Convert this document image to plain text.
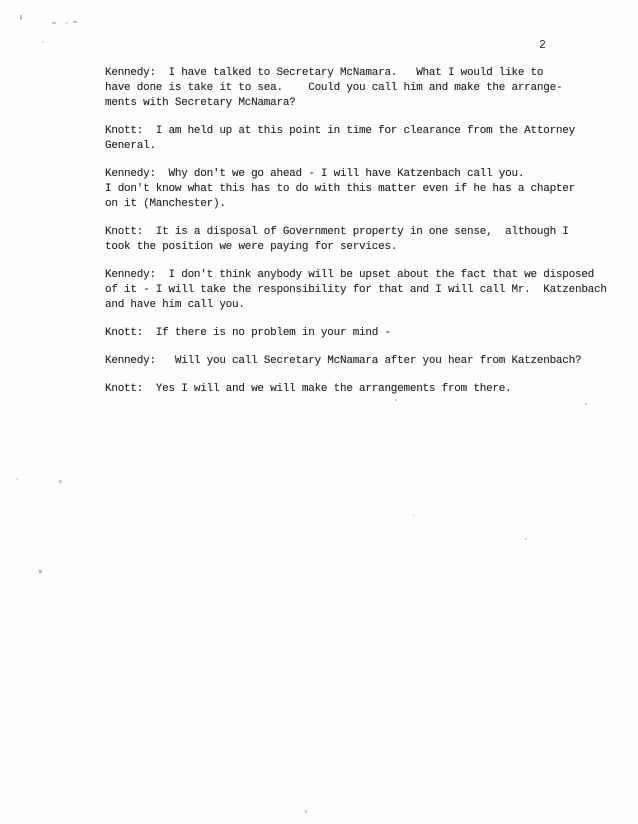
2
Kennedy:  I have talked to Secretary McNamara.   What I would like to
have done is take it to sea.    Could you call him and make the arrange-
ments with Secretary McNamara?
Knott:  I am held up at this point in time for clearance from the Attorney
General.
Kennedy:  Why don't we go ahead - I will have Katzenbach call you.
I don't know what this has to do with this matter even if he has a chapter
on it (Manchester).
Knott:  It is a disposal of Government property in one sense,  although I
took the position we were paying for services.
Kennedy:  I don't think anybody will be upset about the fact that we disposed
of it - I will take the responsibility for that and I will call Mr.  Katzenbach
and have him call you.
Knott:  If there is no problem in your mind -
Kennedy:   Will you call Secretary McNamara after you hear from Katzenbach?
Knott:  Yes I will and we will make the arrangements from there.
